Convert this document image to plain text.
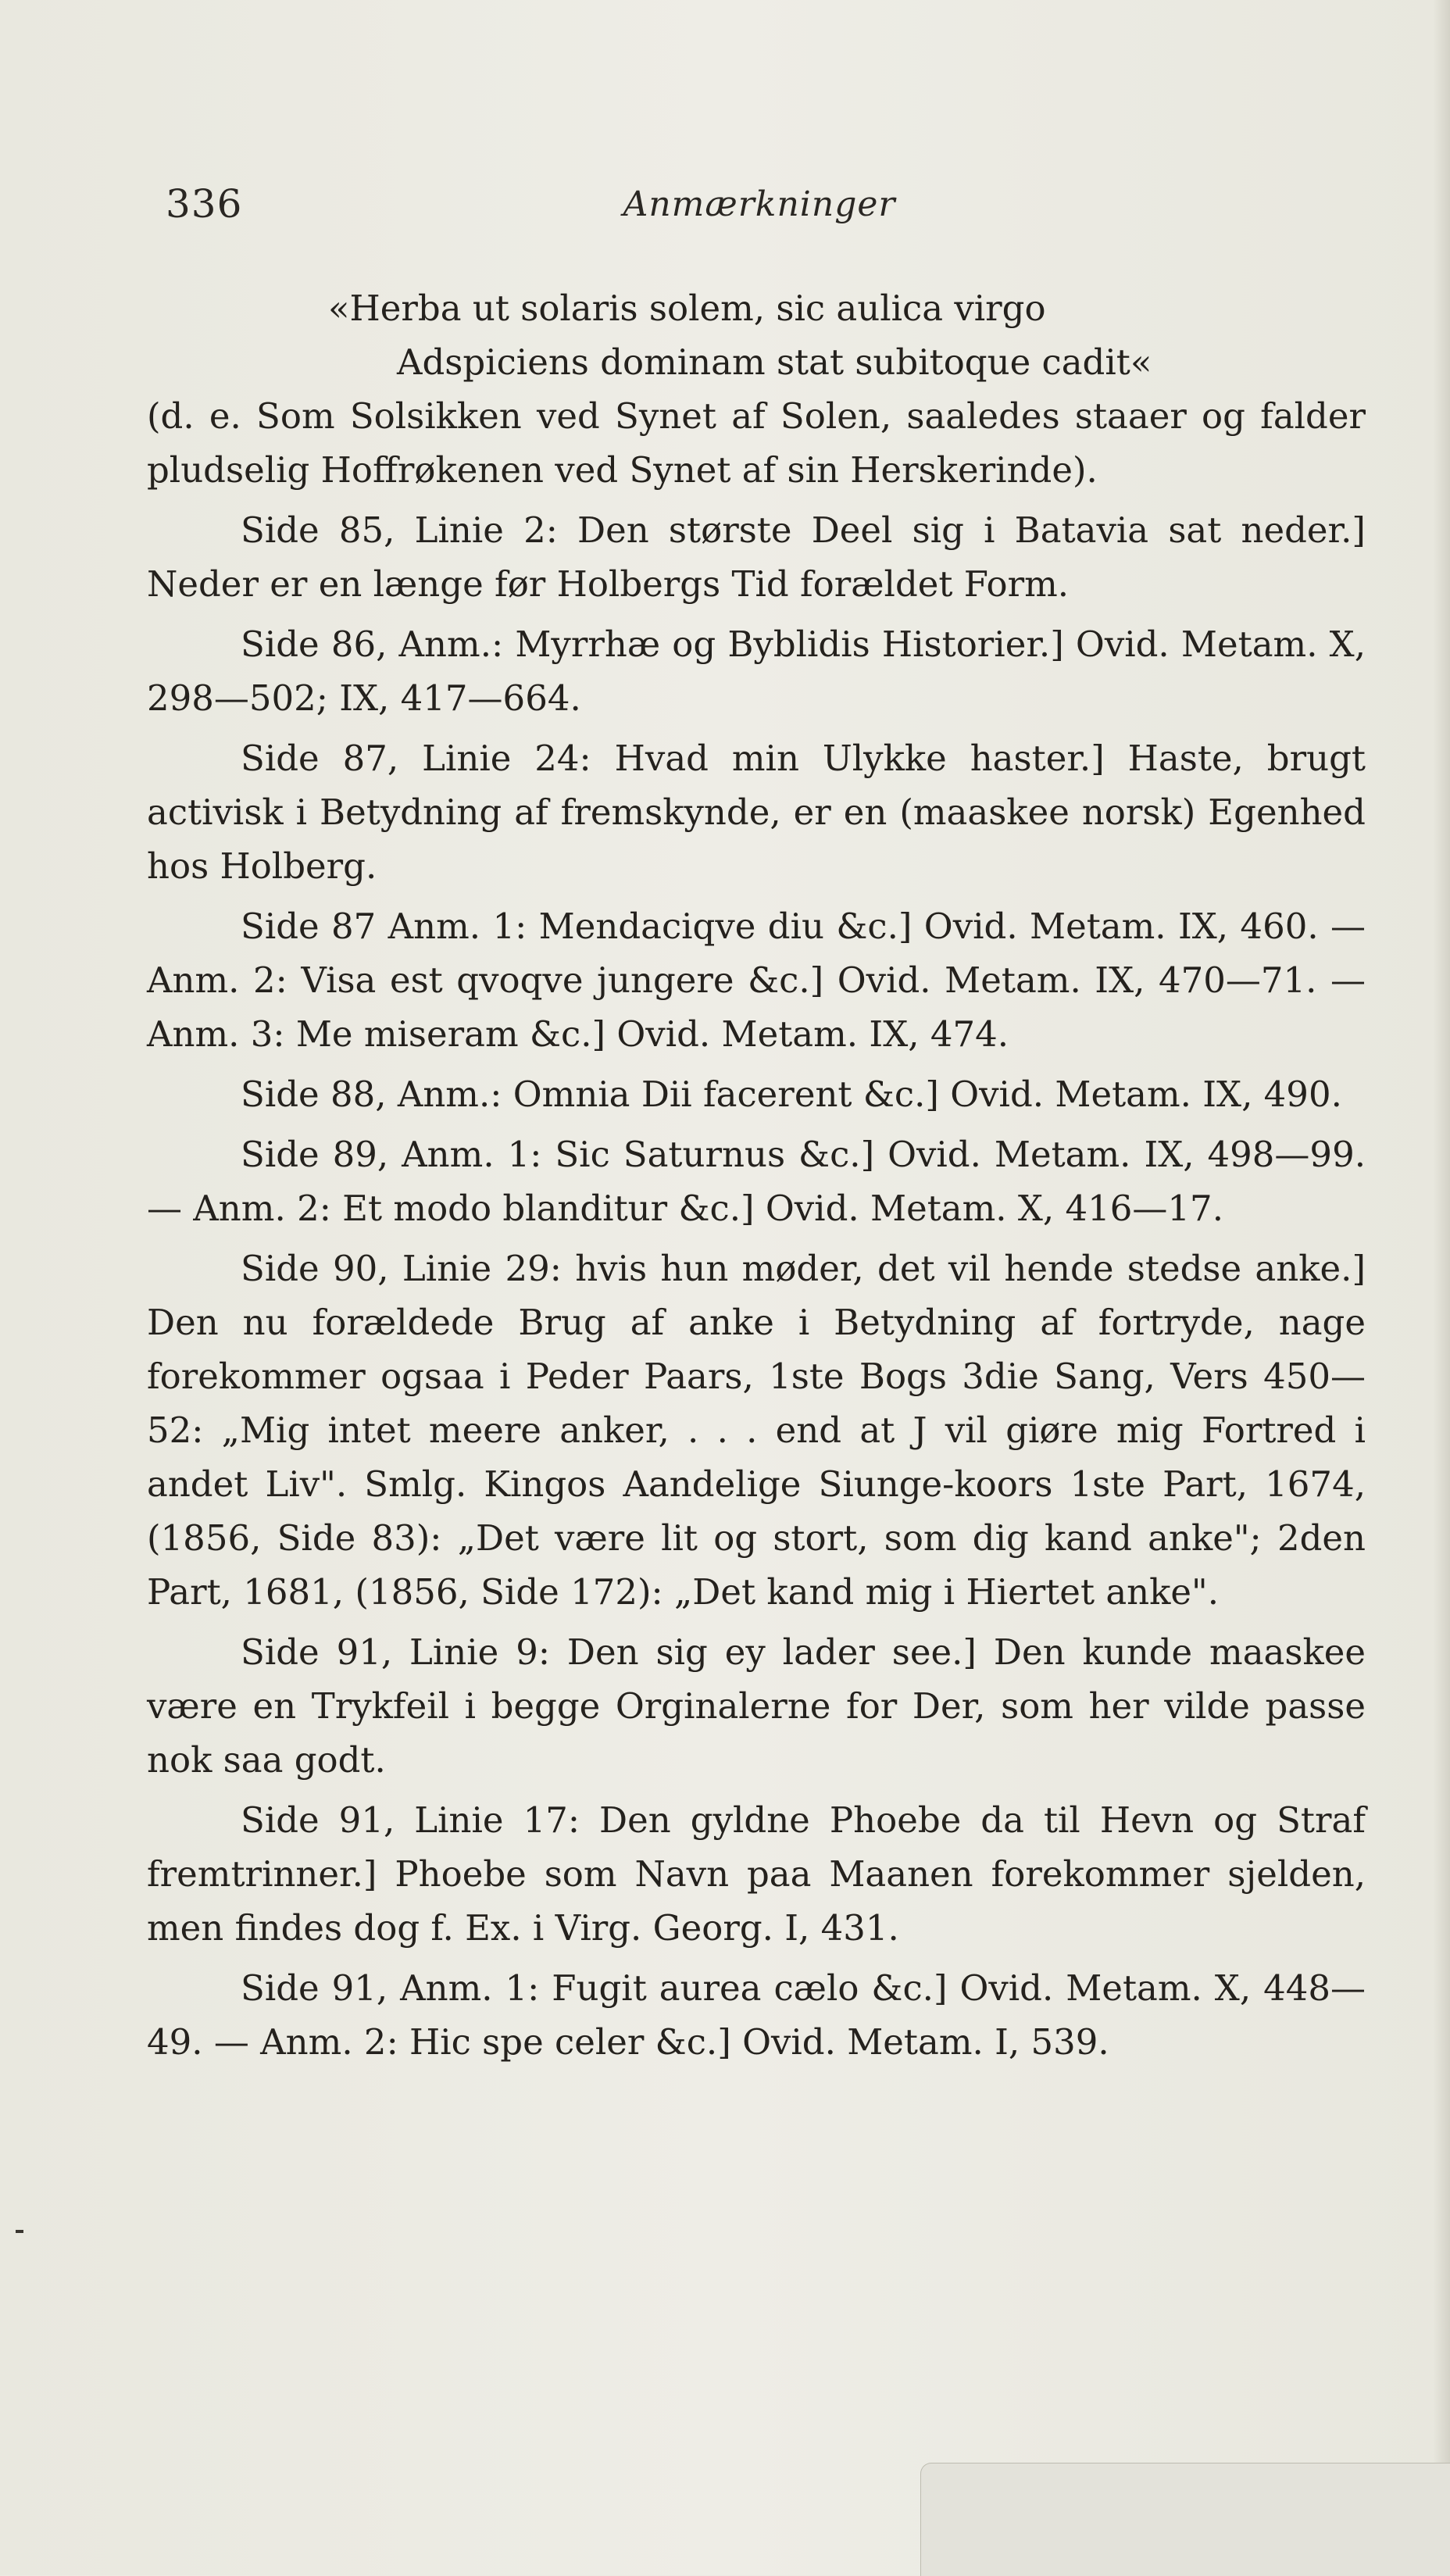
336	Anmærkninger
«Herba ut solaris solem, sic aulica virgo
Adspiciens dominam stat subitoque cadit«

(d. e. Som Solsikken ved Synet af Solen, saaledes staaer og falder pludselig Hoffrøkenen ved Synet af sin Herskerinde).

Side 85, Linie 2: Den største Deel sig i Batavia sat neder.] Neder er en længe før Holbergs Tid forældet Form.

Side 86, Anm.: Myrrhæ og Byblidis Historier.] Ovid. Metam. X, 298—502; IX, 417—664.

Side 87, Linie 24: Hvad min Ulykke haster.] Haste, brugt activisk i Betydning af fremskynde, er en (maaskee norsk) Egenhed hos Holberg.

Side 87 Anm. 1: Mendaciqve diu &c.] Ovid. Metam. IX, 460. — Anm. 2: Visa est qvoqve jungere &c.] Ovid. Metam. IX, 470—71. — Anm. 3: Me miseram &c.] Ovid. Metam. IX, 474.

Side 88, Anm.: Omnia Dii facerent &c.] Ovid. Metam. IX, 490.

Side 89, Anm. 1: Sic Saturnus &c.] Ovid. Metam. IX, 498—99. — Anm. 2: Et modo blanditur &c.] Ovid. Metam. X, 416—17.

Side 90, Linie 29: hvis hun møder, det vil hende stedse anke.] Den nu forældede Brug af anke i Betydning af fortryde, nage forekommer ogsaa i Peder Paars, 1ste Bogs 3die Sang, Vers 450—52: „Mig intet meere anker, . . . end at J vil giøre mig Fortred i andet Liv". Smlg. Kingos Aandelige Siunge-koors 1ste Part, 1674, (1856, Side 83): „Det være lit og stort, som dig kand anke"; 2den Part, 1681, (1856, Side 172): „Det kand mig i Hiertet anke".

Side 91, Linie 9: Den sig ey lader see.] Den kunde maaskee være en Trykfeil i begge Orginalerne for Der, som her vilde passe nok saa godt.

Side 91, Linie 17: Den gyldne Phoebe da til Hevn og Straf fremtrinner.] Phoebe som Navn paa Maanen forekommer sjelden, men findes dog f. Ex. i Virg. Georg. I, 431.

Side 91, Anm. 1: Fugit aurea cælo &c.] Ovid. Metam. X, 448—49. — Anm. 2: Hic spe celer &c.] Ovid. Metam. I, 539.
